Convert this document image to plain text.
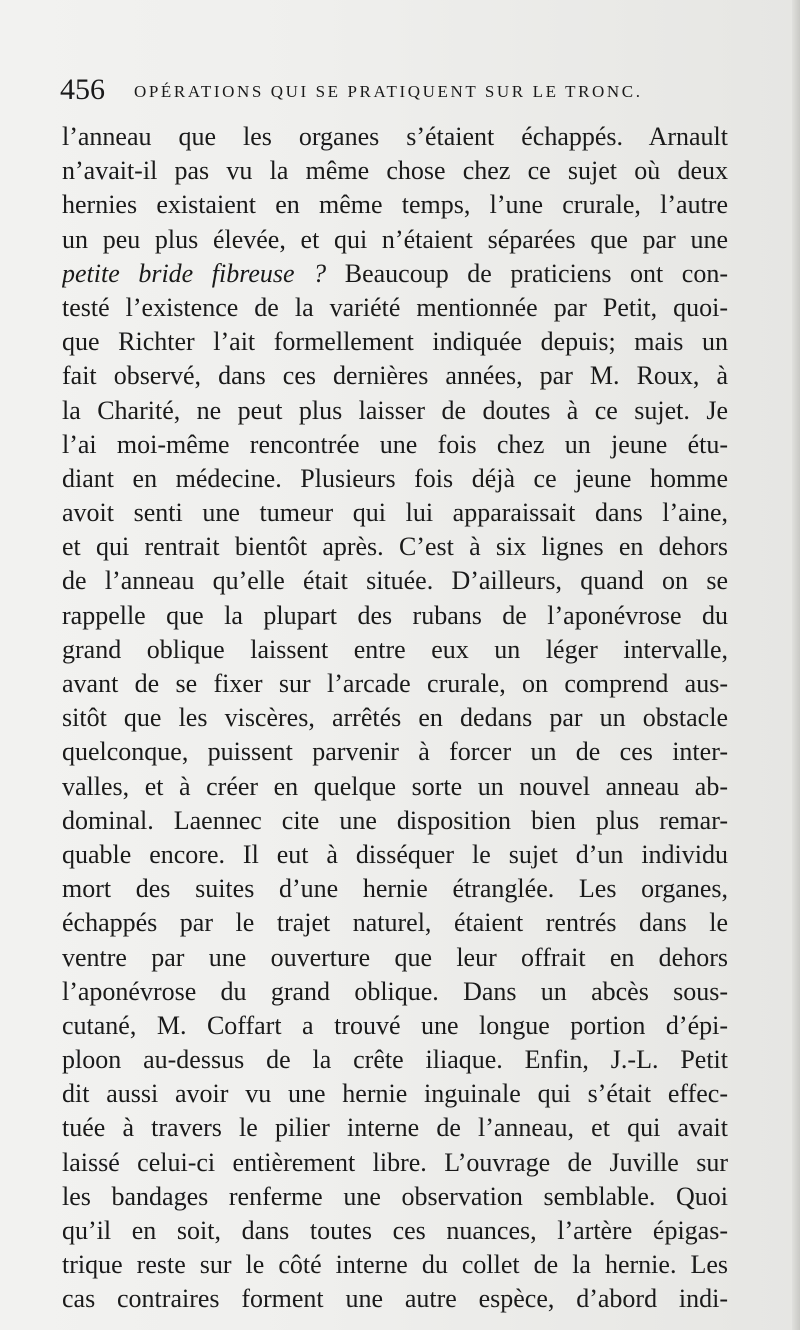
456 OPÉRATIONS QUI SE PRATIQUENT SUR LE TRONC.
l’anneau que les organes s’étaient échappés. Arnault
n’avait-il pas vu la même chose chez ce sujet où deux
hernies existaient en même temps, l’une crurale, l’autre
un peu plus élevée, et qui n’étaient séparées que par une
petite bride fibreuse ? Beaucoup de praticiens ont con-
testé l’existence de la variété mentionnée par Petit, quoi-
que Richter l’ait formellement indiquée depuis; mais un
fait observé, dans ces dernières années, par M. Roux, à
la Charité, ne peut plus laisser de doutes à ce sujet. Je
l’ai moi-même rencontrée une fois chez un jeune étu-
diant en médecine. Plusieurs fois déjà ce jeune homme
avoit senti une tumeur qui lui apparaissait dans l’aine,
et qui rentrait bientôt après. C’est à six lignes en dehors
de l’anneau qu’elle était située. D’ailleurs, quand on se
rappelle que la plupart des rubans de l’aponévrose du
grand oblique laissent entre eux un léger intervalle,
avant de se fixer sur l’arcade crurale, on comprend aus-
sitôt que les viscères, arrêtés en dedans par un obstacle
quelconque, puissent parvenir à forcer un de ces inter-
valles, et à créer en quelque sorte un nouvel anneau ab-
dominal. Laennec cite une disposition bien plus remar-
quable encore. Il eut à disséquer le sujet d’un individu
mort des suites d’une hernie étranglée. Les organes,
échappés par le trajet naturel, étaient rentrés dans le
ventre par une ouverture que leur offrait en dehors
l’aponévrose du grand oblique. Dans un abcès sous-
cutané, M. Coffart a trouvé une longue portion d’épi-
ploon au-dessus de la crête iliaque. Enfin, J.-L. Petit
dit aussi avoir vu une hernie inguinale qui s’était effec-
tuée à travers le pilier interne de l’anneau, et qui avait
laissé celui-ci entièrement libre. L’ouvrage de Juville sur
les bandages renferme une observation semblable. Quoi
qu’il en soit, dans toutes ces nuances, l’artère épigas-
trique reste sur le côté interne du collet de la hernie. Les
cas contraires forment une autre espèce, d’abord indi-
